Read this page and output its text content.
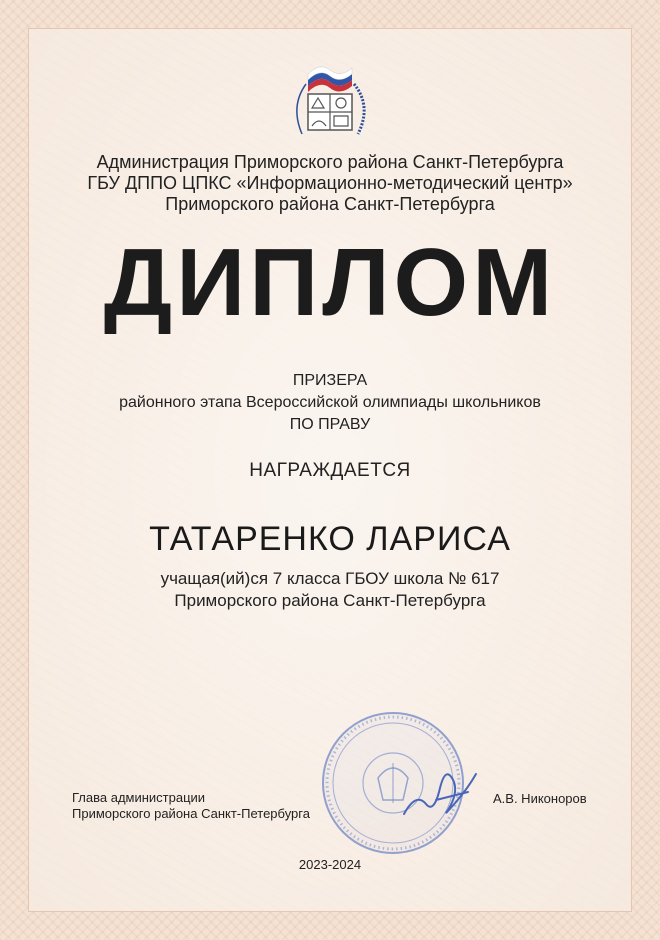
Администрация Приморского района Санкт-Петербурга
ГБУ ДППО ЦПКС «Информационно-методический центр»
Приморского района Санкт-Петербурга
ДИПЛОМ
ПРИЗЕРА
районного этапа Всероссийской олимпиады школьников
ПО ПРАВУ
НАГРАЖДАЕТСЯ
ТАТАРЕНКО ЛАРИСА
учащая(ий)ся 7 класса ГБОУ школа № 617
Приморского района Санкт-Петербурга
Глава администрации
Приморского района Санкт-Петербурга
А.В. Никоноров
2023-2024
